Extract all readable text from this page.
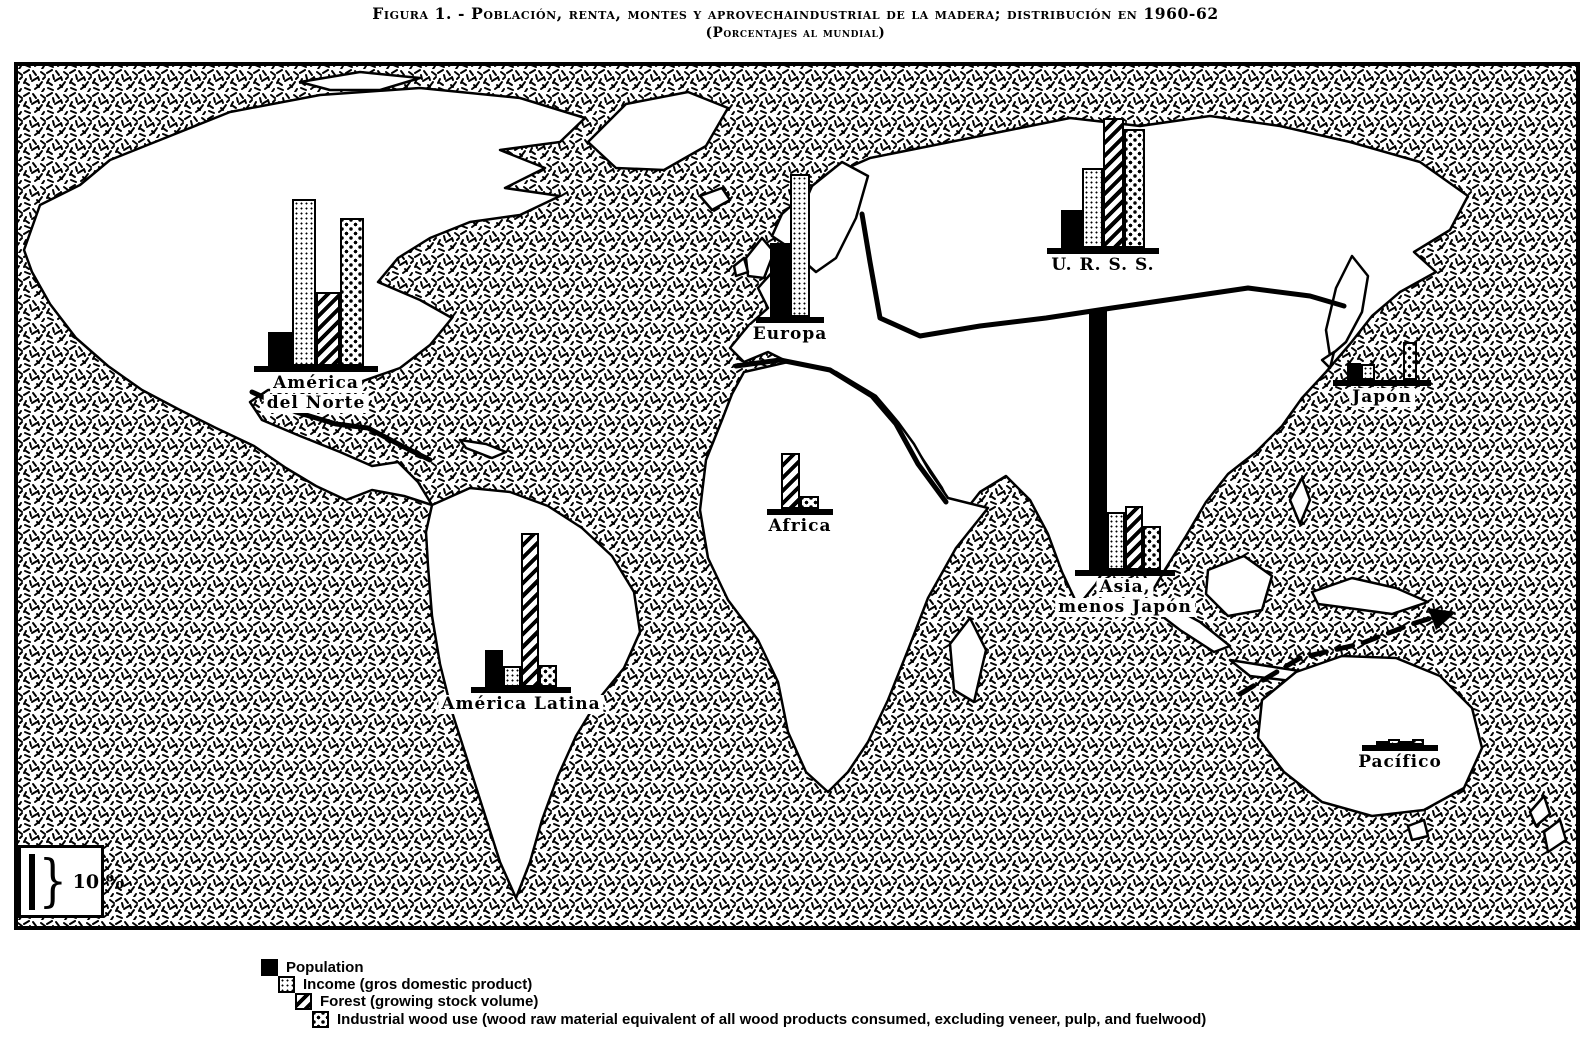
Figura 1. - Población, renta, montes y aprovechaindustrial de la madera; distribución en 1960-62
(Porcentajes al mundial)
América
del Norte
Europa
U. R. S. S.
Japón
Africa
Asia,
menos Japón
América Latina
Pacífico
} 10 %
Population
Income (gros domestic product)
Forest (growing stock volume)
Industrial wood use (wood raw material equivalent of all wood products consumed, excluding veneer, pulp, and fuelwood)
